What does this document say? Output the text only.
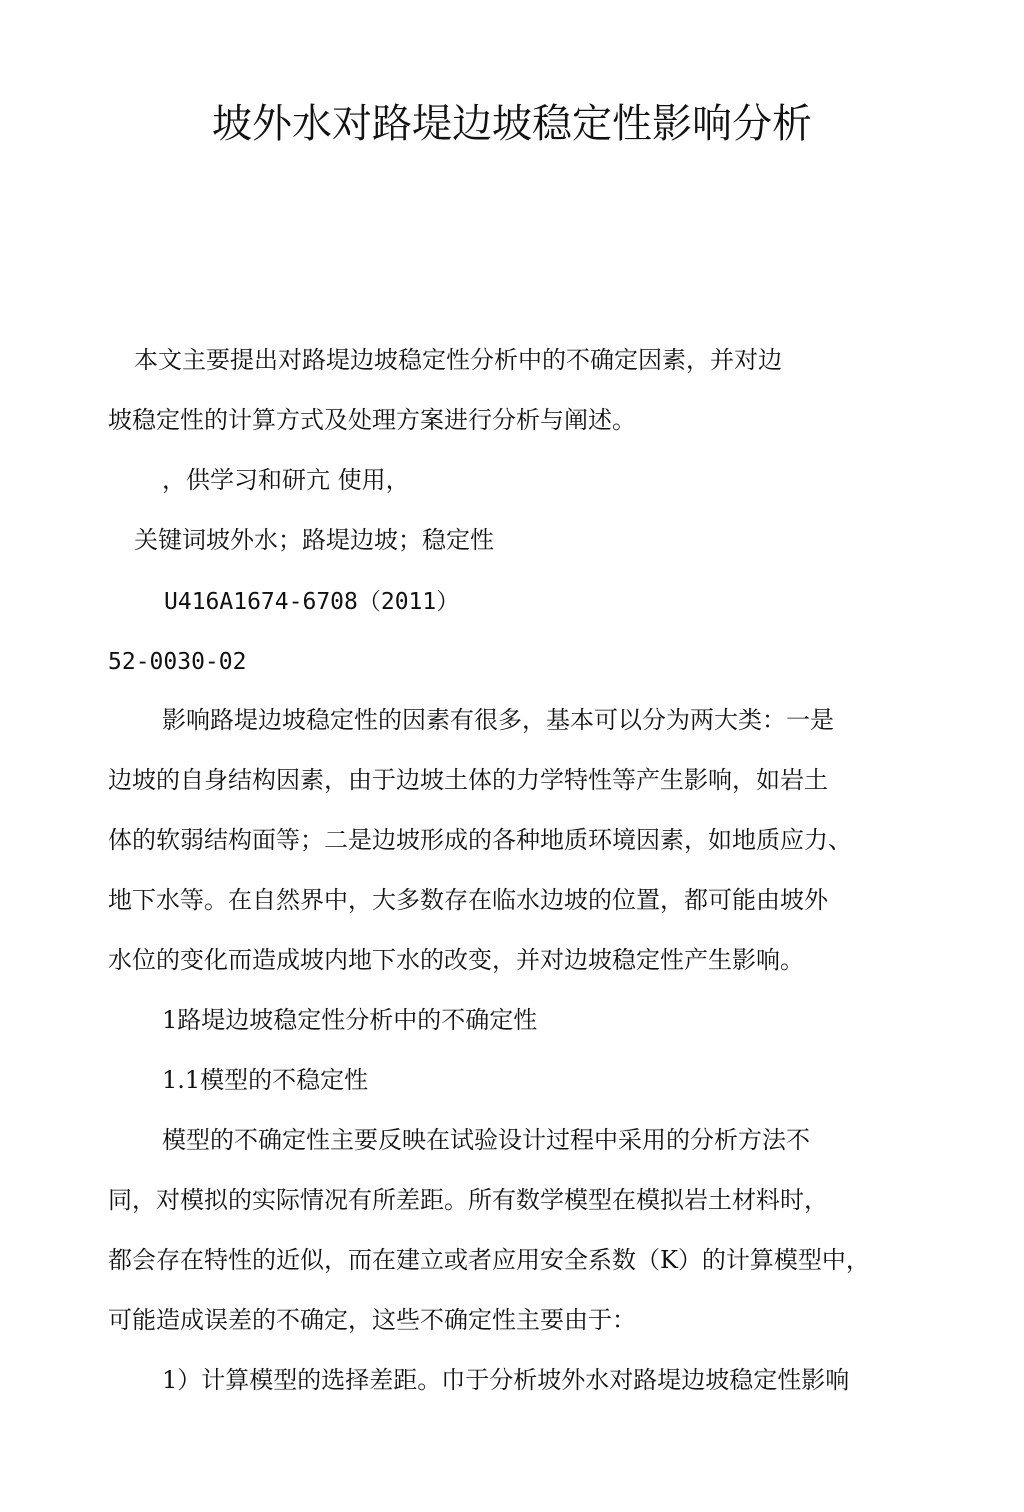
坡外水对路堤边坡稳定性影响分析

本文主要提出对路堤边坡稳定性分析中的不确定因素，并对边

坡稳定性的计算方式及处理方案进行分析与阐述。

，供学习和研亢 使用，

关键词坡外水；路堤边坡；稳定性

U416A1674-6708（2011）

52-0030-02

影响路堤边坡稳定性的因素有很多，基本可以分为两大类：一是

边坡的自身结构因素，由于边坡土体的力学特性等产生影响，如岩土

体的软弱结构面等；二是边坡形成的各种地质环境因素，如地质应力、

地下水等。在自然界中，大多数存在临水边坡的位置，都可能由坡外

水位的变化而造成坡内地下水的改变，并对边坡稳定性产生影响。

1路堤边坡稳定性分析中的不确定性

1.1模型的不稳定性

模型的不确定性主要反映在试验设计过程中采用的分析方法不

同，对模拟的实际情况有所差距。所有数学模型在模拟岩土材料时，

都会存在特性的近似，而在建立或者应用安全系数（K）的计算模型中，

可能造成误差的不确定，这些不确定性主要由于：

1）计算模型的选择差距。巾于分析坡外水对路堤边坡稳定性影响
